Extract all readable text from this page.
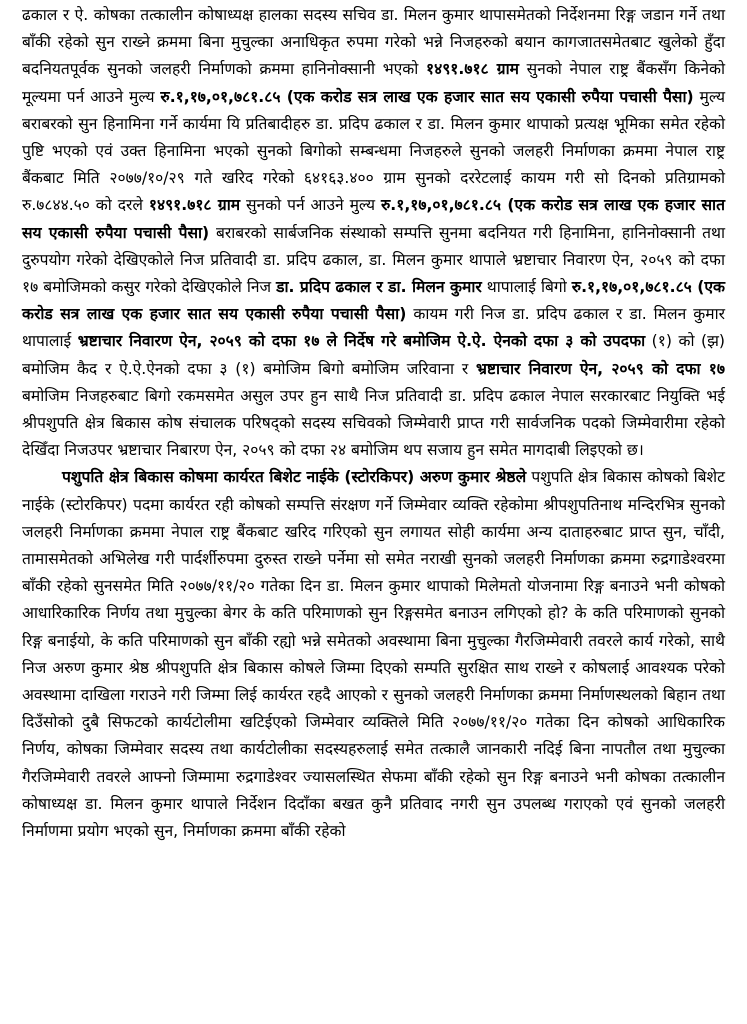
ढकाल र ऐ. कोषका तत्कालीन कोषाध्यक्ष हालका सदस्य सचिव डा. मिलन कुमार थापासमेतको निर्देशनमा रिङ्ग जडान गर्ने तथा बाँकी रहेको सुन राख्ने क्रममा बिना मुचुल्का अनाधिकृत रुपमा गरेको भन्ने निजहरुको बयान कागजातसमेतबाट खुलेको हुँदा बदनियतपूर्वक सुनको जलहरी निर्माणको क्रममा हानिनोक्सानी भएको १४९१.७१८ ग्राम सुनको नेपाल राष्ट्र बैंकसँग किनेको मूल्यमा पर्न आउने मुल्य रु.१,१७,०१,७८१.८५ (एक करोड सत्र लाख एक हजार सात सय एकासी रुपैया पचासी पैसा) मुल्य बराबरको सुन हिनामिना गर्ने कार्यमा यि प्रतिबादीहरु डा. प्रदिप ढकाल र डा. मिलन कुमार थापाको प्रत्यक्ष भूमिका समेत रहेको पुष्टि भएको एवं उक्त हिनामिना भएको सुनको बिगोको सम्बन्धमा निजहरुले सुनको जलहरी निर्माणका क्रममा नेपाल राष्ट्र बैंकबाट मिति २०७७/१०/२९ गते खरिद गरेको ६४१६३.४०० ग्राम सुनको दररेटलाई कायम गरी सो दिनको प्रतिग्रामको रु.७८४४.५० को दरले १४९१.७१८ ग्राम सुनको पर्न आउने मुल्य रु.१,१७,०१,७८१.८५ (एक करोड सत्र लाख एक हजार सात सय एकासी रुपैया पचासी पैसा) बराबरको सार्बजनिक संस्थाको सम्पत्ति सुनमा बदनियत गरी हिनामिना, हानिनोक्सानी तथा दुरुपयोग गरेको देखिएकोले निज प्रतिवादी डा. प्रदिप ढकाल, डा. मिलन कुमार थापाले भ्रष्टाचार निवारण ऐन, २०५९ को दफा १७ बमोजिमको कसुर गरेको देखिएकोले निज डा. प्रदिप ढकाल र डा. मिलन कुमार थापालाई बिगो रु.१,१७,०१,७८१.८५ (एक करोड सत्र लाख एक हजार सात सय एकासी रुपैया पचासी पैसा) कायम गरी निज डा. प्रदिप ढकाल र डा. मिलन कुमार थापालाई भ्रष्टाचार निवारण ऐन, २०५९ को दफा १७ ले निर्देष गरे बमोजिम ऐ.ऐ. ऐनको दफा ३ को उपदफा (१) को (झ) बमोजिम कैद र ऐ.ऐ.ऐनको दफा ३ (१) बमोजिम बिगो बमोजिम जरिवाना र भ्रष्टाचार निवारण ऐन, २०५९ को दफा १७ बमोजिम निजहरुबाट बिगो रकमसमेत असुल उपर हुन साथै निज प्रतिवादी डा. प्रदिप ढकाल नेपाल सरकारबाट नियुक्ति भई श्रीपशुपति क्षेत्र बिकास कोष संचालक परिषद्को सदस्य सचिवको जिम्मेवारी प्राप्त गरी सार्वजनिक पदको जिम्मेवारीमा रहेको देखिँदा निजउपर भ्रष्टाचार निबारण ऐन, २०५९ को दफा २४ बमोजिम थप सजाय हुन समेत मागदाबी लिइएको छ।

पशुपति क्षेत्र बिकास कोषमा कार्यरत बिशेट नाईके (स्टोरकिपर) अरुण कुमार श्रेष्ठले पशुपति क्षेत्र बिकास कोषको बिशेट नाईके (स्टोरकिपर) पदमा कार्यरत रही कोषको सम्पत्ति संरक्षण गर्ने जिम्मेवार व्यक्ति रहेकोमा श्रीपशुपतिनाथ मन्दिरभित्र सुनको जलहरी निर्माणका क्रममा नेपाल राष्ट्र बैंकबाट खरिद गरिएको सुन लगायत सोही कार्यमा अन्य दाताहरुबाट प्राप्त सुन, चाँदी, तामासमेतको अभिलेख गरी पार्दर्शीरुपमा दुरुस्त राख्ने पर्नेमा सो समेत नराखी सुनको जलहरी निर्माणका क्रममा रुद्रगाडेश्वरमा बाँकी रहेको सुनसमेत मिति २०७७/११/२० गतेका दिन डा. मिलन कुमार थापाको मिलेमतो योजनामा रिङ्ग बनाउने भनी कोषको आधारिकारिक निर्णय तथा मुचुल्का बेगर के कति परिमाणको सुन रिङ्गसमेत बनाउन लगिएको हो? के कति परिमाणको सुनको रिङ्ग बनाईयो, के कति परिमाणको सुन बाँकी रह्यो भन्ने समेतको अवस्थामा बिना मुचुल्का गैरजिम्मेवारी तवरले कार्य गरेको, साथै निज अरुण कुमार श्रेष्ठ श्रीपशुपति क्षेत्र बिकास कोषले जिम्मा दिएको सम्पति सुरक्षित साथ राख्ने र कोषलाई आवश्यक परेको अवस्थामा दाखिला गराउने गरी जिम्मा लिई कार्यरत रहदै आएको र सुनको जलहरी निर्माणका क्रममा निर्माणस्थलको बिहान तथा दिउँसोको दुबै सिफटको कार्यटोलीमा खटिईएको जिम्मेवार व्यक्तिले मिति २०७७/११/२० गतेका दिन कोषको आधिकारिक निर्णय, कोषका जिम्मेवार सदस्य तथा कार्यटोलीका सदस्यहरुलाई समेत तत्कालै जानकारी नदिई बिना नापतौल तथा मुचुल्का गैरजिम्मेवारी तवरले आफ्नो जिम्मामा रुद्रगाडेश्वर ज्यासलस्थित सेफमा बाँकी रहेको सुन रिङ्ग बनाउने भनी कोषका तत्कालीन कोषाध्यक्ष डा. मिलन कुमार थापाले निर्देशन दिदाँका बखत कुनै प्रतिवाद नगरी सुन उपलब्ध गराएको एवं सुनको जलहरी निर्माणमा प्रयोग भएको सुन, निर्माणका क्रममा बाँकी रहेको
